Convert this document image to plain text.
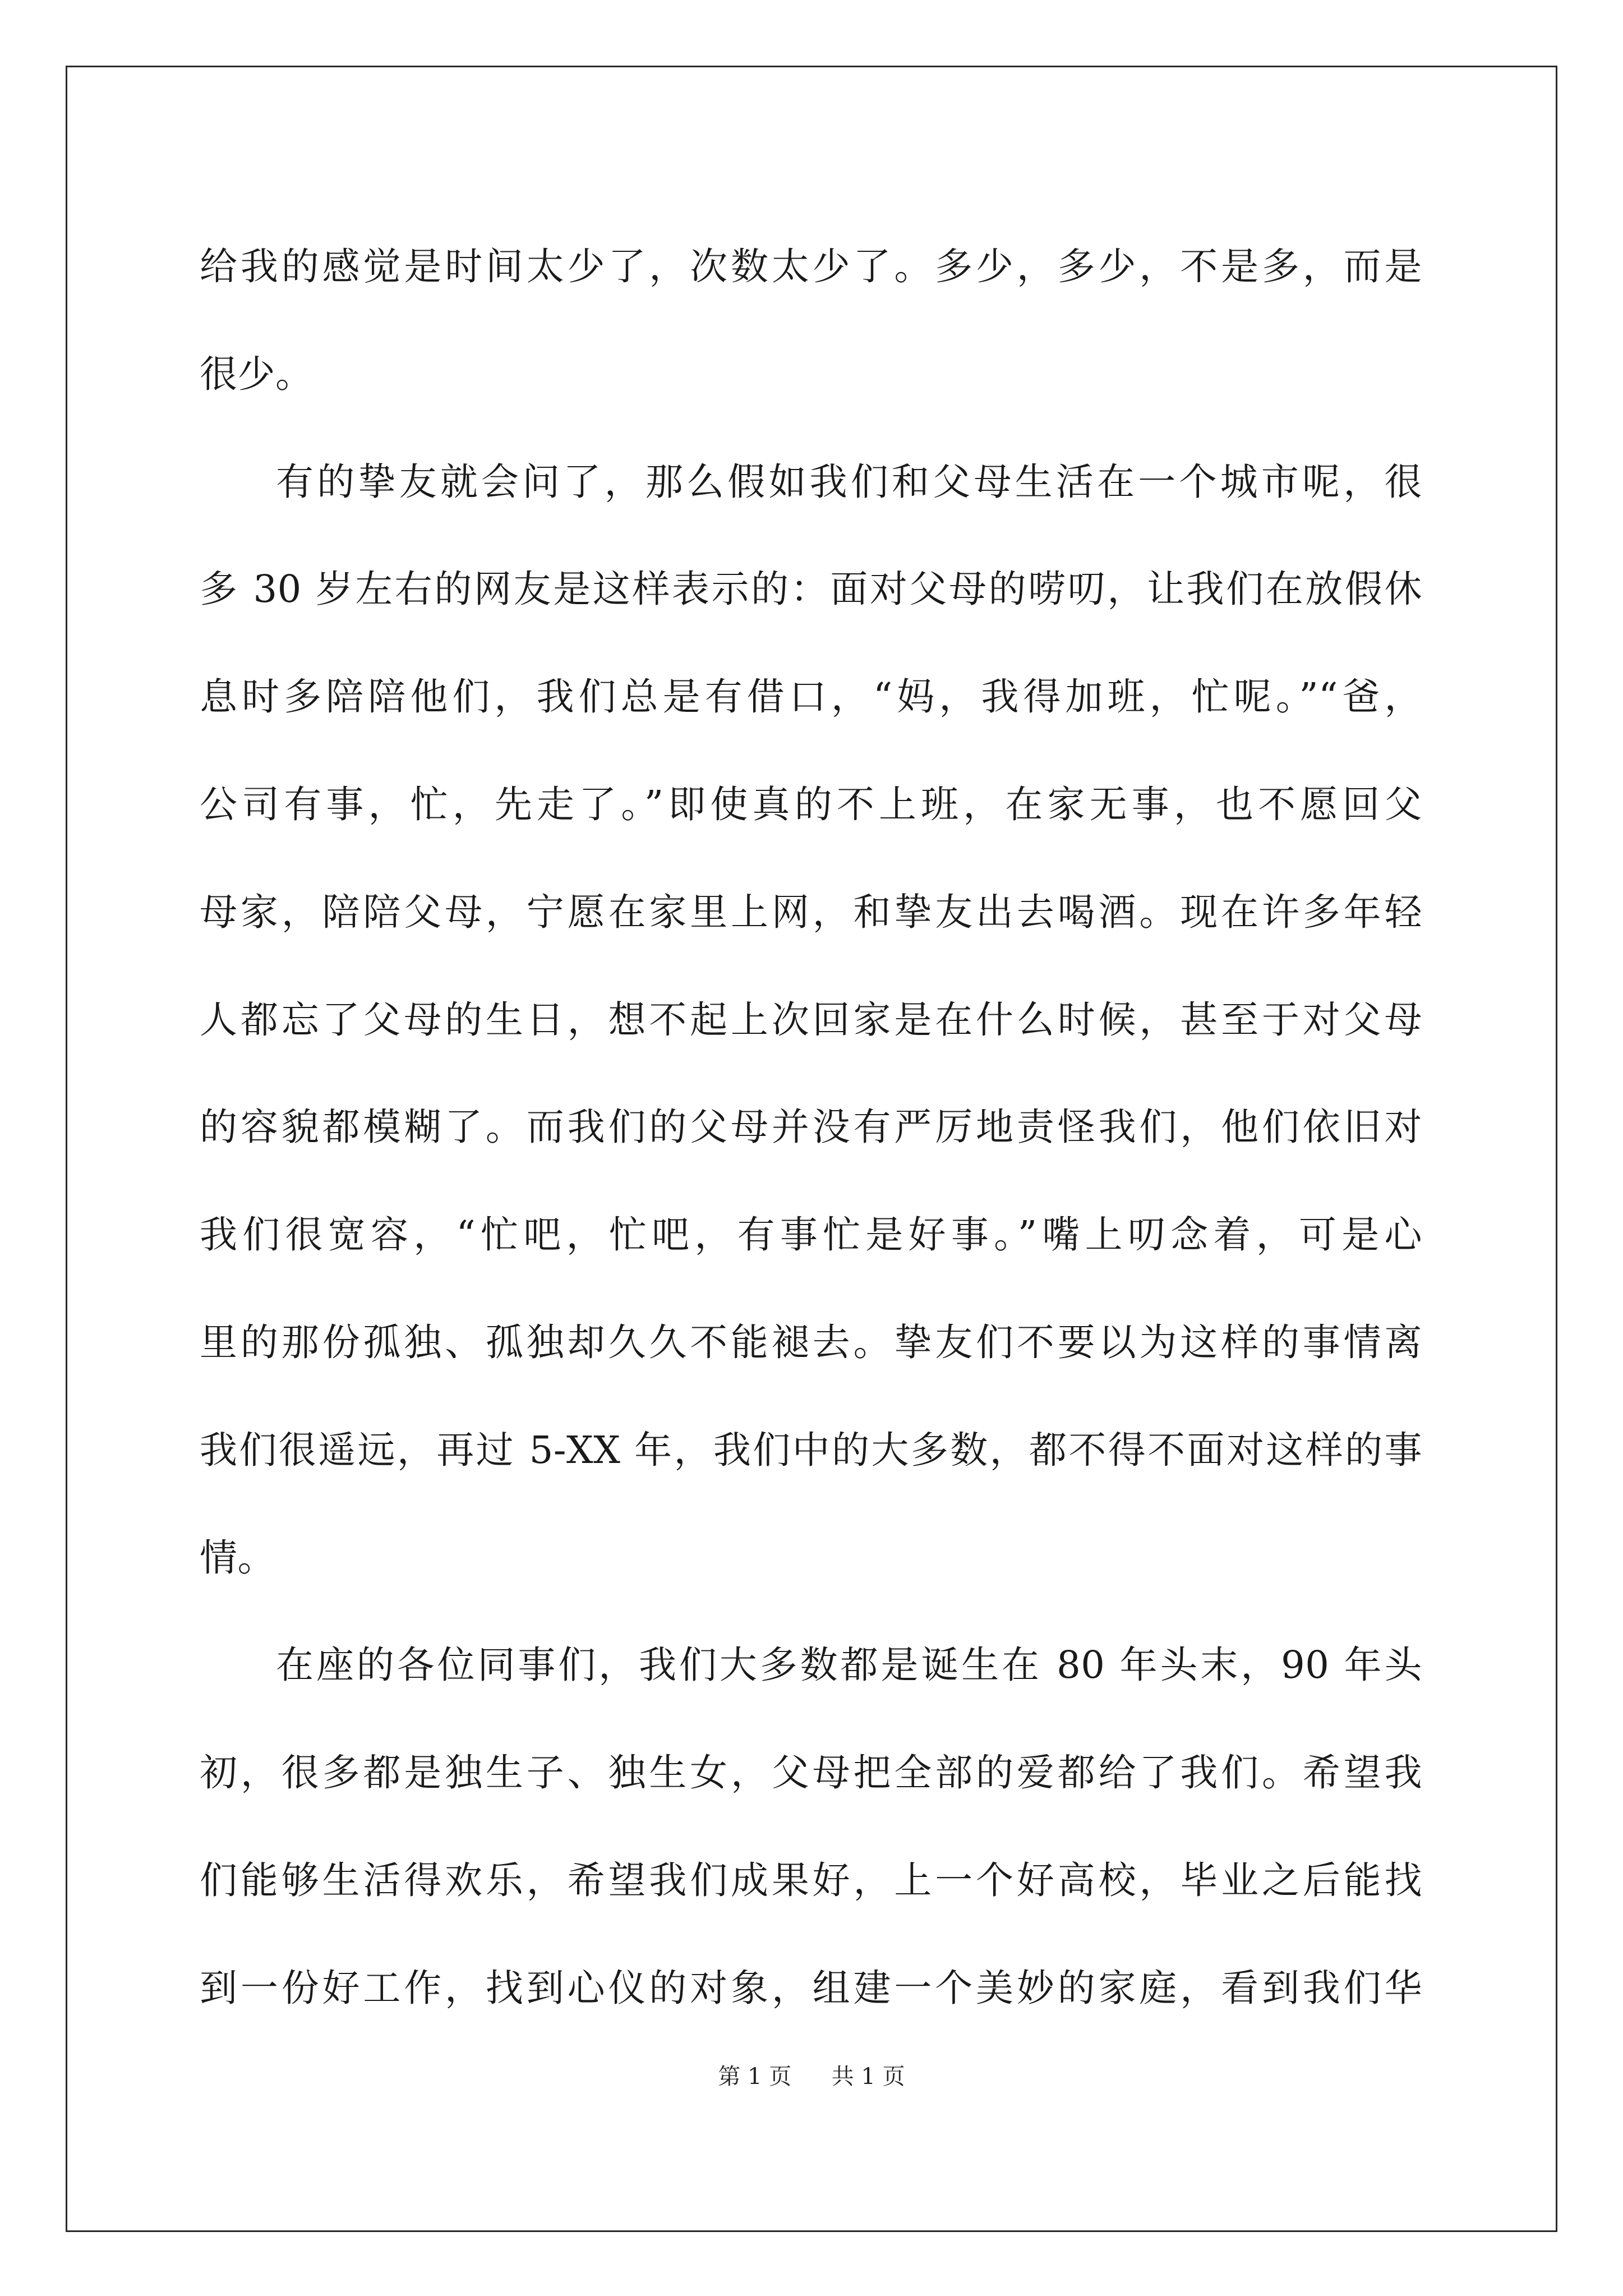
给我的感觉是时间太少了，次数太少了。多少，多少，不是多，而是
很少。
有的挚友就会问了，那么假如我们和父母生活在一个城市呢，很
多 30 岁左右的网友是这样表示的：面对父母的唠叨，让我们在放假休
息时多陪陪他们，我们总是有借口，“妈，我得加班，忙呢。”“爸，
公司有事，忙，先走了。”即使真的不上班，在家无事，也不愿回父
母家，陪陪父母，宁愿在家里上网，和挚友出去喝酒。现在许多年轻
人都忘了父母的生日，想不起上次回家是在什么时候，甚至于对父母
的容貌都模糊了。而我们的父母并没有严厉地责怪我们，他们依旧对
我们很宽容，“忙吧，忙吧，有事忙是好事。”嘴上叨念着，可是心
里的那份孤独、孤独却久久不能褪去。挚友们不要以为这样的事情离
我们很遥远，再过 5-XX 年，我们中的大多数，都不得不面对这样的事
情。
在座的各位同事们，我们大多数都是诞生在 80 年头末，90 年头
初，很多都是独生子、独生女，父母把全部的爱都给了我们。希望我
们能够生活得欢乐，希望我们成果好，上一个好高校，毕业之后能找
到一份好工作，找到心仪的对象，组建一个美妙的家庭，看到我们华
第 1 页 共 1 页
